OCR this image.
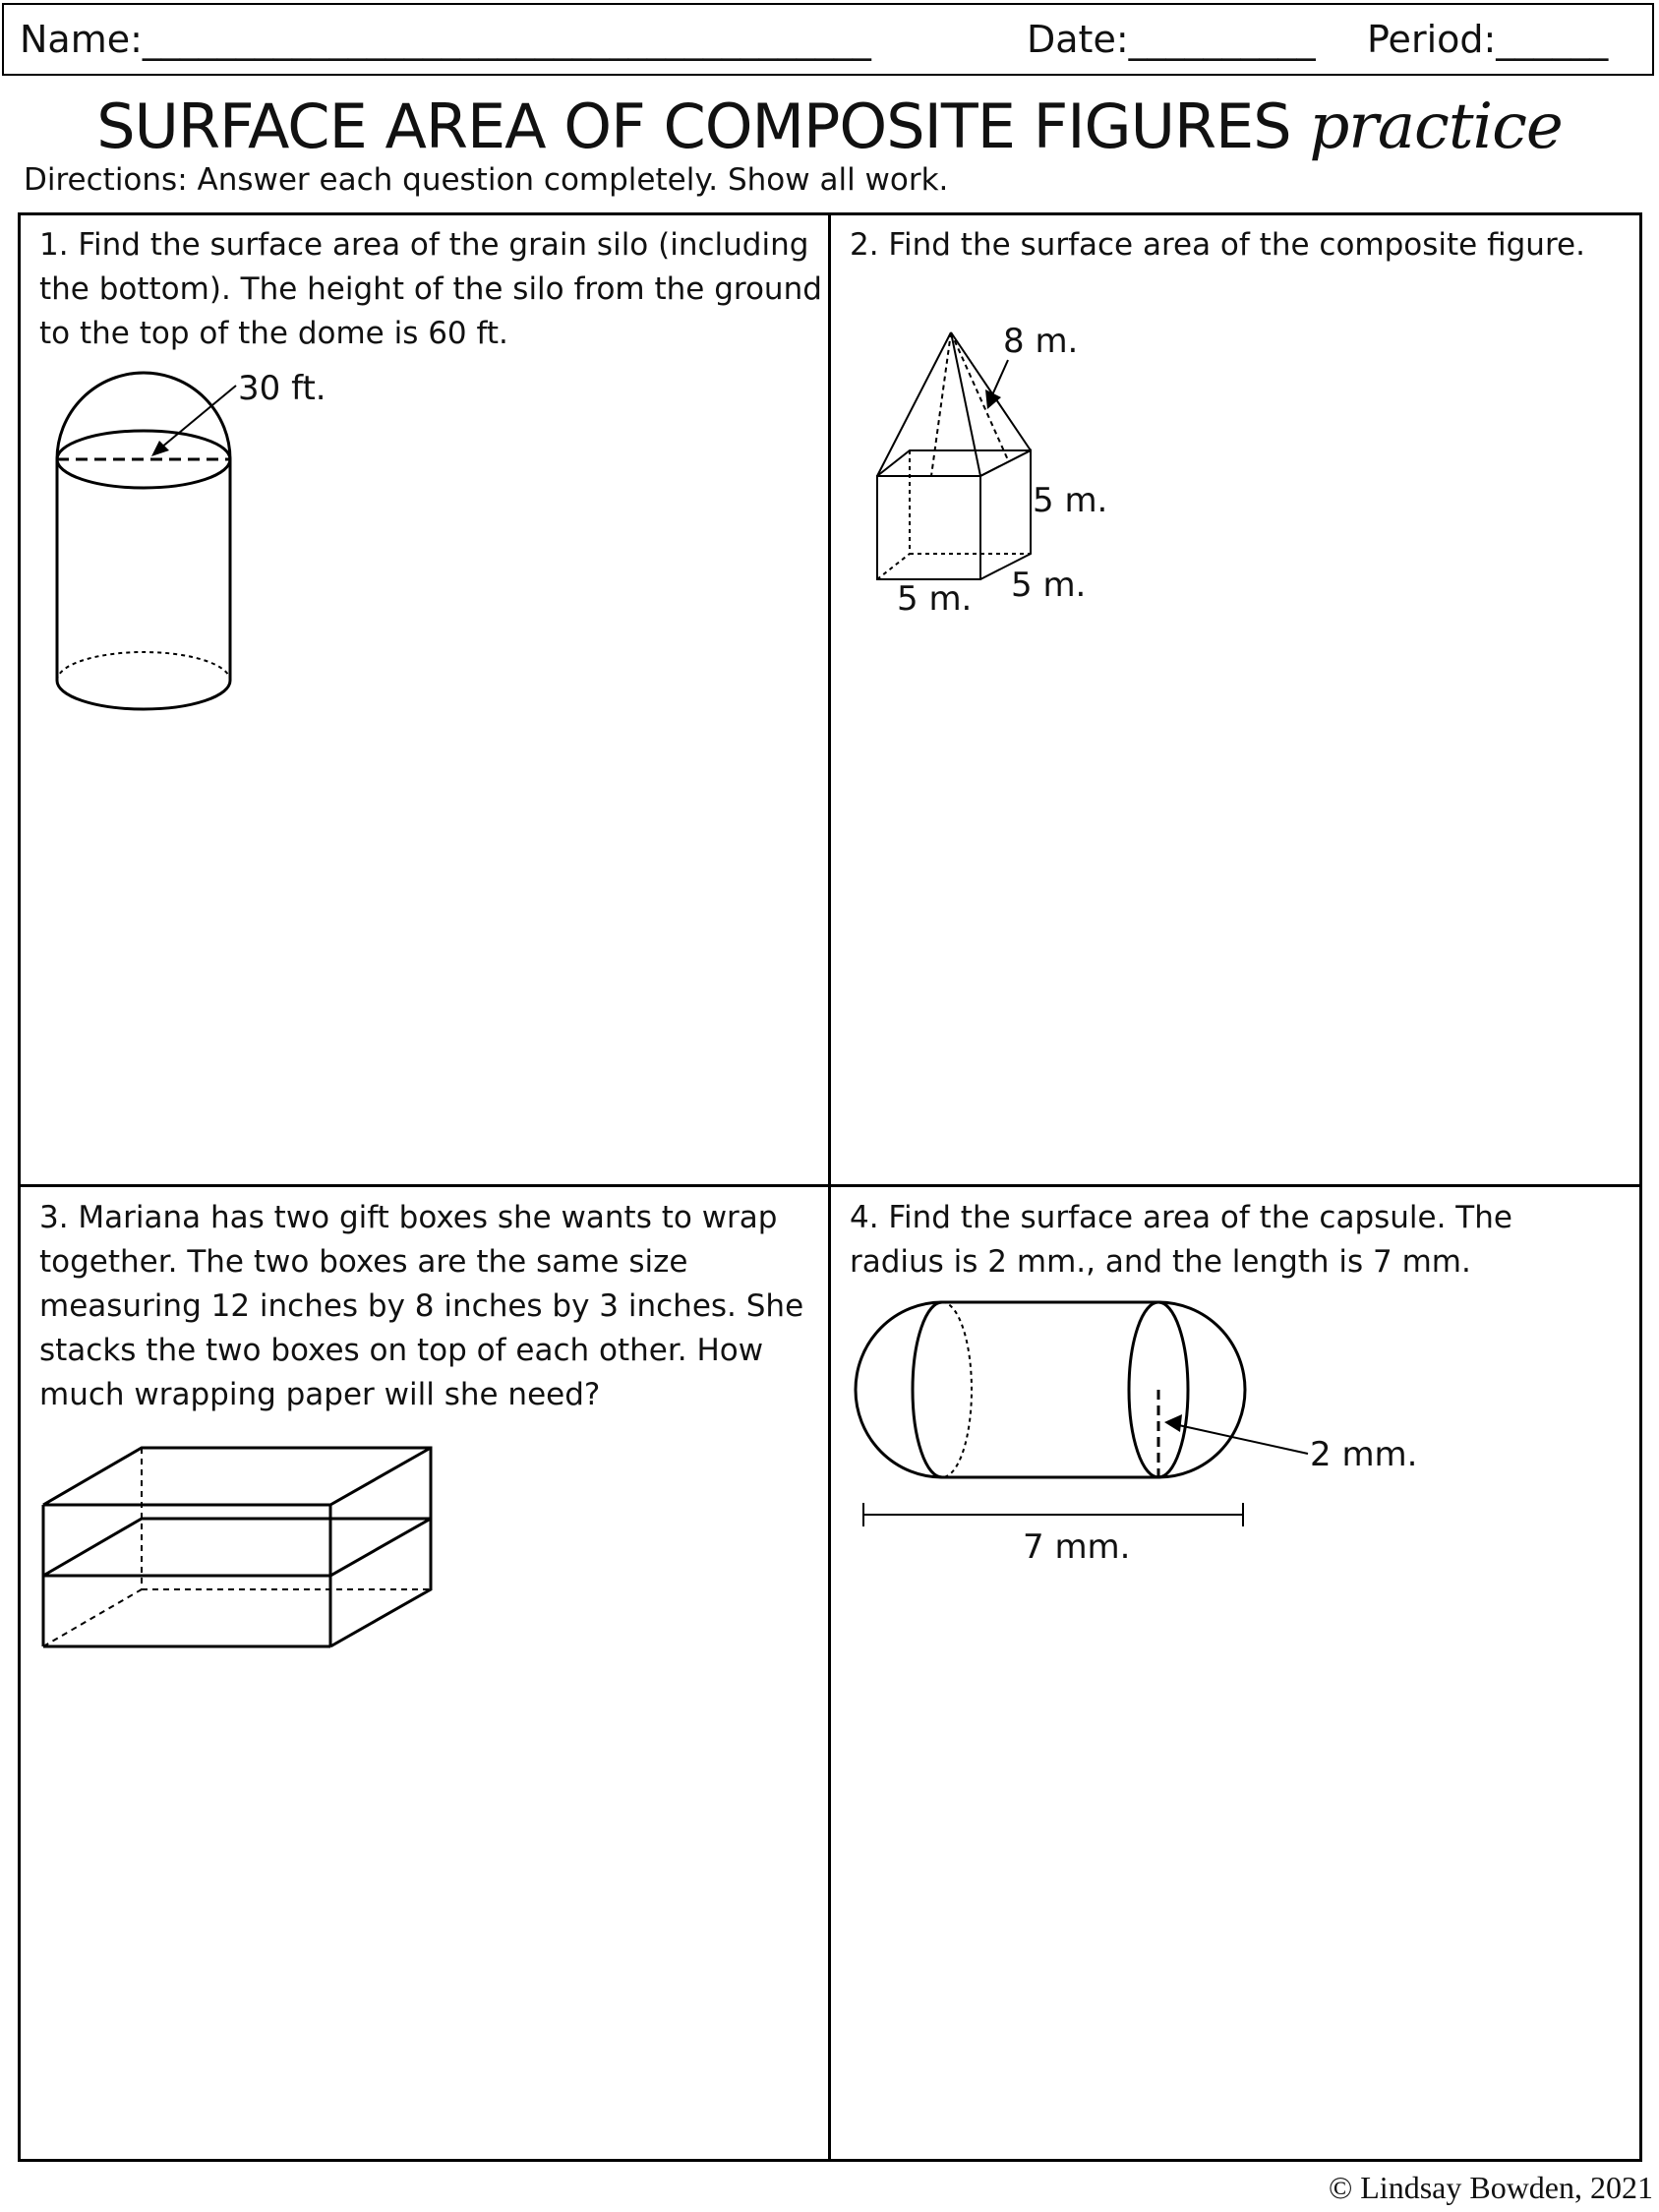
Name:_______________________________________	Date:__________ Period:______
SURFACE AREA OF COMPOSITE FIGURES practice
Directions: Answer each question completely. Show all work.

1. Find the surface area of the grain silo (including

the bottom). The height of the silo from the ground

to the top of the dome is 60 ft.

30 ft.

2. Find the surface area of the composite figure.

8 m.
5 m.
5 m.
5 m.

3. Mariana has two gift boxes she wants to wrap

together. The two boxes are the same size

measuring 12 inches by 8 inches by 3 inches. She

stacks the two boxes on top of each other. How

much wrapping paper will she need?

4. Find the surface area of the capsule. The

radius is 2 mm., and the length is 7 mm.

2 mm.
7 mm.
© Lindsay Bowden, 2021
